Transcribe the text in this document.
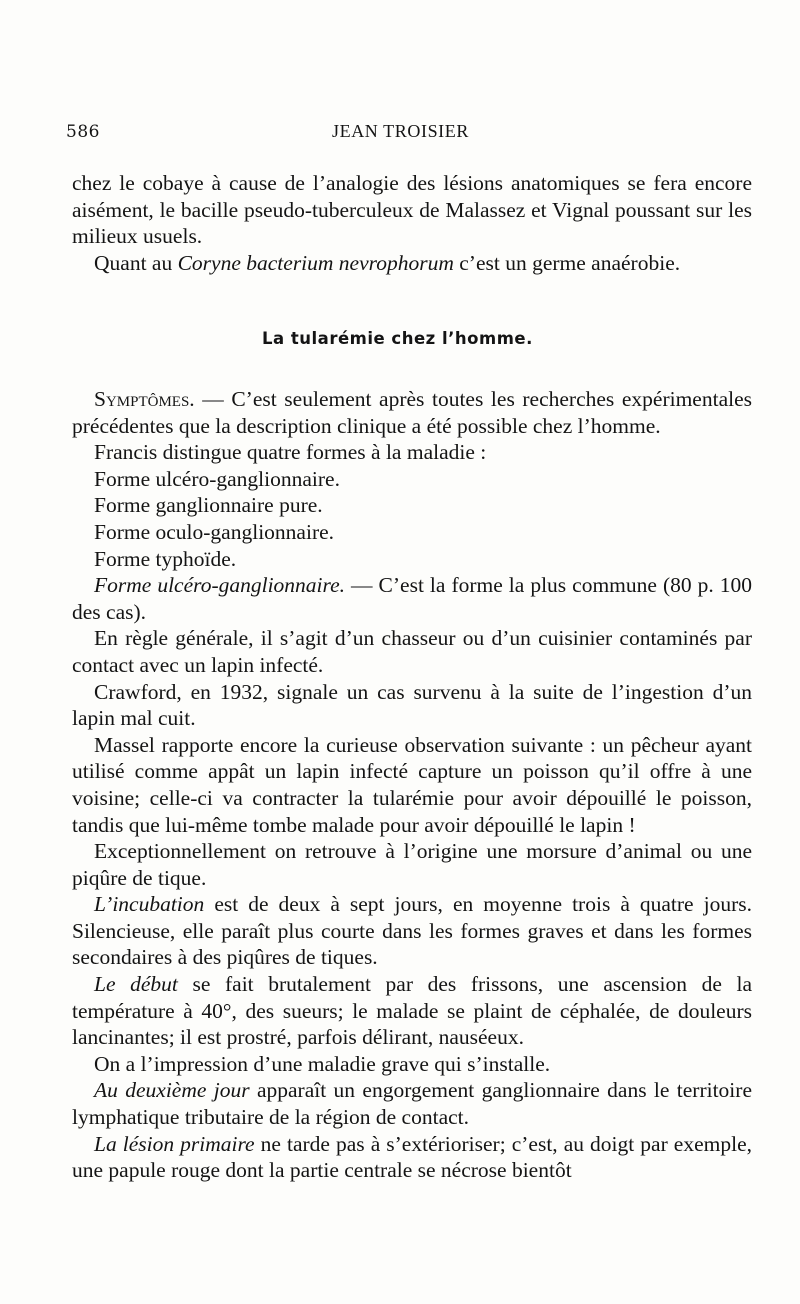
586	JEAN TROISIER
chez le cobaye à cause de l’analogie des lésions anatomiques se fera encore aisément, le bacille pseudo-tuberculeux de Malassez et Vignal poussant sur les milieux usuels.
Quant au Coryne bacterium nevrophorum c’est un germe anaérobie.
La tularémie chez l’homme.
Symptômes. — C’est seulement après toutes les recherches expérimentales précédentes que la description clinique a été possible chez l’homme.
Francis distingue quatre formes à la maladie :
Forme ulcéro-ganglionnaire.
Forme ganglionnaire pure.
Forme oculo-ganglionnaire.
Forme typhoïde.
Forme ulcéro-ganglionnaire. — C’est la forme la plus commune (80 p. 100 des cas).
En règle générale, il s’agit d’un chasseur ou d’un cuisinier contaminés par contact avec un lapin infecté.
Crawford, en 1932, signale un cas survenu à la suite de l’ingestion d’un lapin mal cuit.
Massel rapporte encore la curieuse observation suivante : un pêcheur ayant utilisé comme appât un lapin infecté capture un poisson qu’il offre à une voisine; celle-ci va contracter la tularémie pour avoir dépouillé le poisson, tandis que lui-même tombe malade pour avoir dépouillé le lapin !
Exceptionnellement on retrouve à l’origine une morsure d’animal ou une piqûre de tique.
L’incubation est de deux à sept jours, en moyenne trois à quatre jours. Silencieuse, elle paraît plus courte dans les formes graves et dans les formes secondaires à des piqûres de tiques.
Le début se fait brutalement par des frissons, une ascension de la température à 40°, des sueurs; le malade se plaint de céphalée, de douleurs lancinantes; il est prostré, parfois délirant, nauséeux.
On a l’impression d’une maladie grave qui s’installe.
Au deuxième jour apparaît un engorgement ganglionnaire dans le territoire lymphatique tributaire de la région de contact.
La lésion primaire ne tarde pas à s’extérioriser; c’est, au doigt par exemple, une papule rouge dont la partie centrale se nécrose bientôt
